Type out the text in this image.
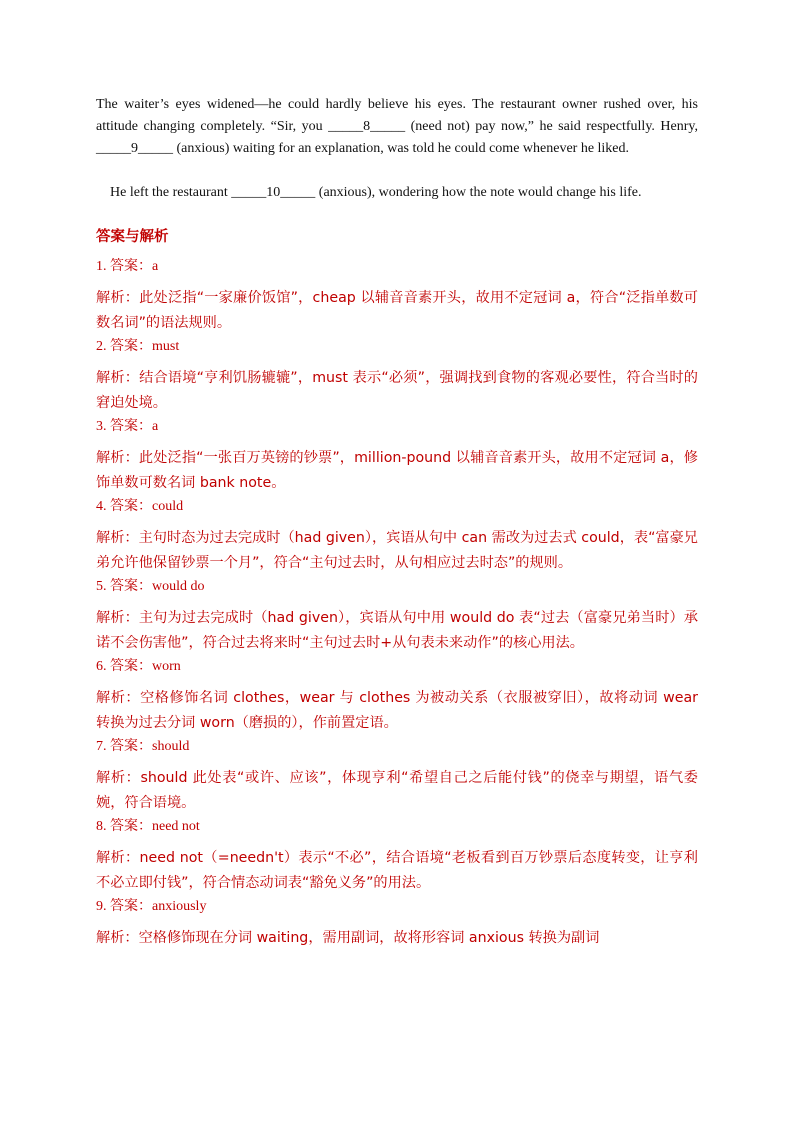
The waiter’s eyes widened—he could hardly believe his eyes. The restaurant owner rushed over, his attitude changing completely. “Sir, you _____8_____ (need not) pay now,” he said respectfully. Henry, _____9_____ (anxious) waiting for an explanation, was told he could come whenever he liked.

He left the restaurant _____10_____ (anxious), wondering how the note would change his life.

答案与解析

1. 答案：a

解析：此处泛指“一家廉价饭馆”，cheap 以辅音音素开头，故用不定冠词 a，符合“泛指单数可数名词”的语法规则。

2. 答案：must

解析：结合语境“亨利饥肠辘辘”，must 表示“必须”，强调找到食物的客观必要性，符合当时的窘迫处境。

3. 答案：a

解析：此处泛指“一张百万英镑的钞票”，million-pound 以辅音音素开头，故用不定冠词 a，修饰单数可数名词 bank note。

4. 答案：could

解析：主句时态为过去完成时（had given），宾语从句中 can 需改为过去式 could，表“富豪兄弟允许他保留钞票一个月”，符合“主句过去时，从句相应过去时态”的规则。

5. 答案：would do

解析：主句为过去完成时（had given），宾语从句中用 would do 表“过去（富豪兄弟当时）承诺不会伤害他”，符合过去将来时“主句过去时+从句表未来动作”的核心用法。

6. 答案：worn

解析：空格修饰名词 clothes，wear 与 clothes 为被动关系（衣服被穿旧），故将动词 wear 转换为过去分词 worn（磨损的），作前置定语。

7. 答案：should

解析：should 此处表“或许、应该”，体现亨利“希望自己之后能付钱”的侥幸与期望，语气委婉，符合语境。

8. 答案：need not

解析：need not（=needn't）表示“不必”，结合语境“老板看到百万钞票后态度转变，让亨利不必立即付钱”，符合情态动词表“豁免义务”的用法。

9. 答案：anxiously

解析：空格修饰现在分词 waiting，需用副词，故将形容词 anxious 转换为副词
